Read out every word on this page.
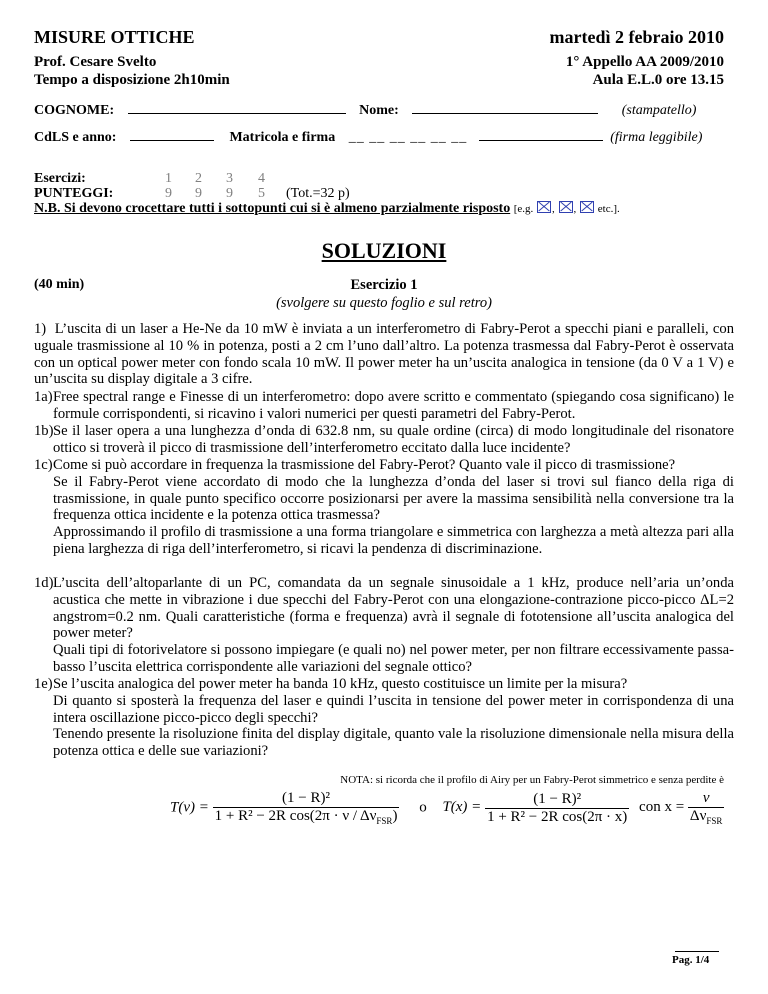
MISURE OTTICHE	martedì 2 febraio 2010
Prof. Cesare Svelto	1° Appello AA 2009/2010
Tempo a disposizione 2h10min	Aula E.L.0 ore 13.15
COGNOME:	Nome:	(stampatello)
CdLS e anno:	Matricola e firma __ __ __ __ __ __	(firma leggibile)
Esercizi:	1 2 3 4
PUNTEGGI:	9 9 9 5 (Tot.=32 p)
N.B. Si devono crocettare tutti i sottopunti cui si è almeno parzialmente risposto [e.g. ☒, ☒, ☒ etc.].
SOLUZIONI
(40 min)	Esercizio 1
(svolgere su questo foglio e sul retro)
1) L’uscita di un laser a He-Ne da 10 mW è inviata a un interferometro di Fabry-Perot a specchi piani e paralleli, con uguale trasmissione al 10 % in potenza, posti a 2 cm l’uno dall’altro. La potenza trasmessa dal Fabry-Perot è osservata con un optical power meter con fondo scala 10 mW. Il power meter ha un’uscita analogica in tensione (da 0 V a 1 V) e un’uscita su display digitale a 3 cifre.
1a) Free spectral range e Finesse di un interferometro: dopo avere scritto e commentato (spiegando cosa significano) le formule corrispondenti, si ricavino i valori numerici per questi parametri del Fabry-Perot.

1b) Se il laser opera a una lunghezza d’onda di 632.8 nm, su quale ordine (circa) di modo longitudinale del risonatore ottico si troverà il picco di trasmissione dell’interferometro eccitato dalla luce incidente?

1c) Come si può accordare in frequenza la trasmissione del Fabry-Perot? Quanto vale il picco di trasmissione?

Se il Fabry-Perot viene accordato di modo che la lunghezza d’onda del laser si trovi sul fianco della riga di trasmissione, in quale punto specifico occorre posizionarsi per avere la massima sensibilità nella conversione tra la frequenza ottica incidente e la potenza ottica trasmessa?

Approssimando il profilo di trasmissione a una forma triangolare e simmetrica con larghezza a metà altezza pari alla piena larghezza di riga dell’interferometro, si ricavi la pendenza di discriminazione.

1d) L’uscita dell’altoparlante di un PC, comandata da un segnale sinusoidale a 1 kHz, produce nell’aria un’onda acustica che mette in vibrazione i due specchi del Fabry-Perot con una elongazione-contrazione picco-picco ΔL=2 angstrom=0.2 nm. Quali caratteristiche (forma e frequenza) avrà il segnale di fototensione all’uscita analogica del power meter?

Quali tipi di fotorivelatore si possono impiegare (e quali no) nel power meter, per non filtrare eccessivamente passa-basso l’uscita elettrica corrispondente alle variazioni del segnale ottico?

1e) Se l’uscita analogica del power meter ha banda 10 kHz, questo costituisce un limite per la misura?

Di quanto si sposterà la frequenza del laser e quindi l’uscita in tensione del power meter in corrispondenza di una intera oscillazione picco-picco degli specchi?

Tenendo presente la risoluzione finita del display digitale, quanto vale la risoluzione dimensionale nella misura della potenza ottica e delle sue variazioni?

NOTA: si ricorda che il profilo di Airy per un Fabry-Perot simmetrico e senza perdite è
$T(\nu) = \frac{\text{(1 − R)²}}{1 + R^2 - 2R \cos(2\pi \cdot \nu / \Delta\nu_{FSR})}$ o $T(x) = \frac{\text{(1 − R)²}}{\text{1 + R² − 2R cos(2π · x)}}$ con $x = \frac{\nu}{\Delta\nu_{FSR}}$
Pag. 1/4
